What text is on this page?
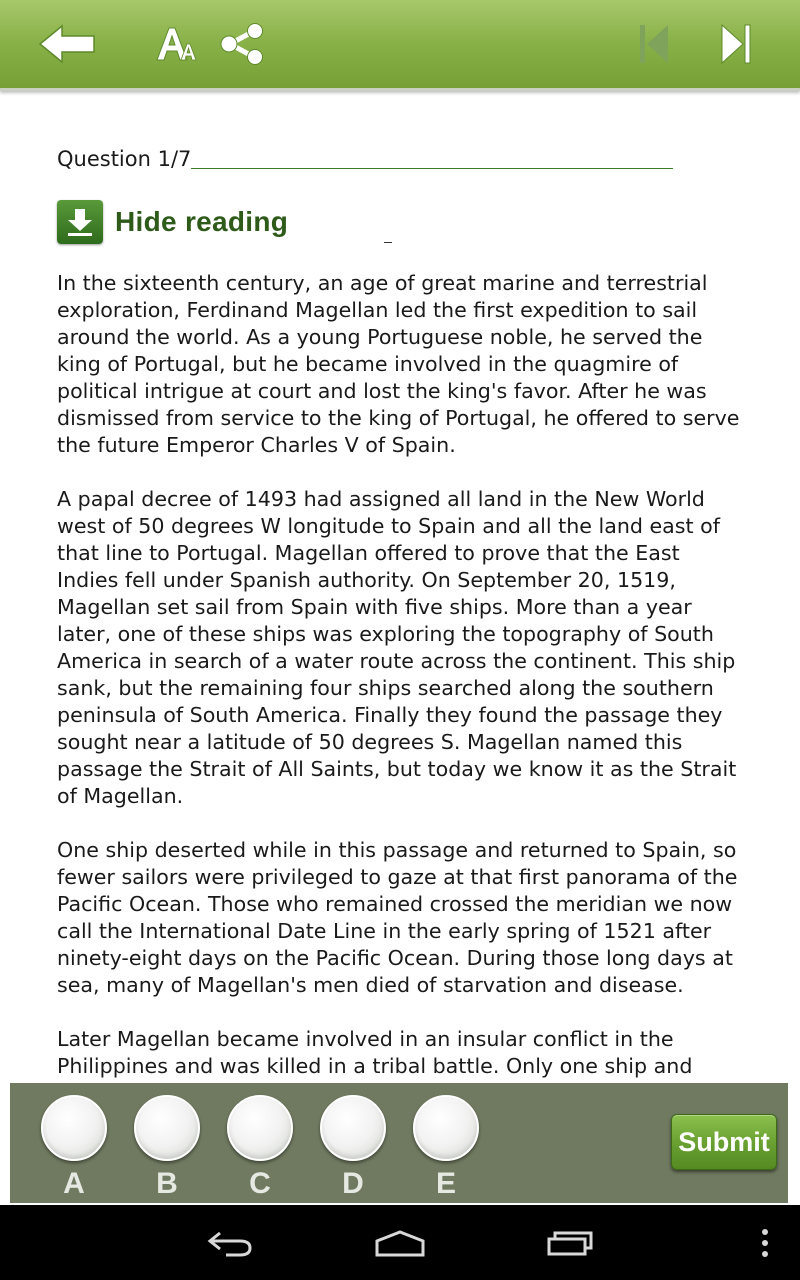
Question 1/7
Hide reading

In the sixteenth century, an age of great marine and terrestrial exploration, Ferdinand Magellan led the first expedition to sail around the world. As a young Portuguese noble, he served the king of Portugal, but he became involved in the quagmire of political intrigue at court and lost the king's favor. After he was dismissed from service to the king of Portugal, he offered to serve the future Emperor Charles V of Spain.

A papal decree of 1493 had assigned all land in the New World west of 50 degrees W longitude to Spain and all the land east of that line to Portugal. Magellan offered to prove that the East Indies fell under Spanish authority. On September 20, 1519, Magellan set sail from Spain with five ships. More than a year later, one of these ships was exploring the topography of South America in search of a water route across the continent. This ship sank, but the remaining four ships searched along the southern peninsula of South America. Finally they found the passage they sought near a latitude of 50 degrees S. Magellan named this passage the Strait of All Saints, but today we know it as the Strait of Magellan.

One ship deserted while in this passage and returned to Spain, so fewer sailors were privileged to gaze at that first panorama of the Pacific Ocean. Those who remained crossed the meridian we now call the International Date Line in the early spring of 1521 after ninety-eight days on the Pacific Ocean. During those long days at sea, many of Magellan's men died of starvation and disease.

Later Magellan became involved in an insular conflict in the Philippines and was killed in a tribal battle. Only one ship and

A	B	C	D	E
Submit
